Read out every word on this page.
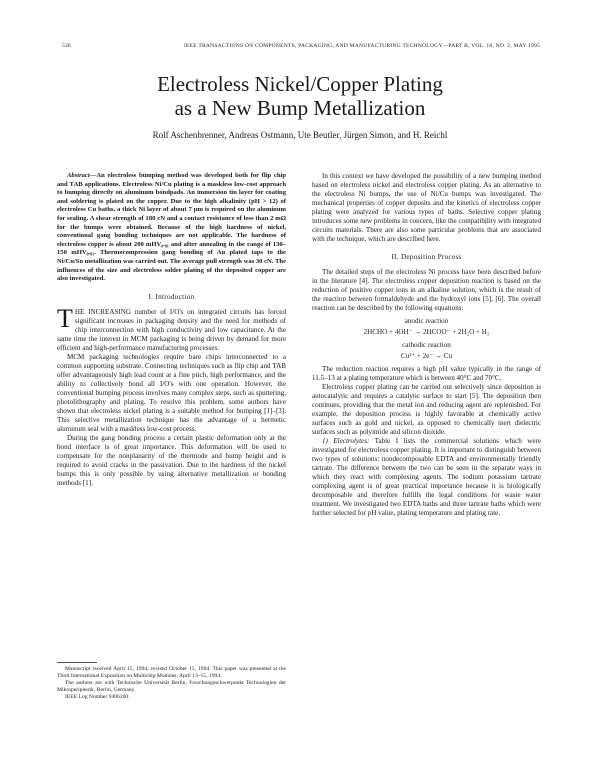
536	IEEE TRANSACTIONS ON COMPONENTS, PACKAGING, AND MANUFACTURING TECHNOLOGY—PART B, VOL. 18, NO. 2, MAY 1995
Electroless Nickel/Copper Plating
as a New Bump Metallization
Rolf Aschenbrenner, Andreas Ostmann, Ute Beutler, Jürgen Simon, and H. Reichl

Abstract—An electroless bumping method was developed both for flip chip and TAB applications. Electroless Ni/Cu plating is a maskless low-cost approach to bumping directly on aluminum bondpads. An immersion tin layer for coating and soldering is plated on the copper. Due to the high alkalinity (pH > 12) of electroless Cu baths, a thick Ni layer of about 7 µm is required on the aluminum for sealing. A shear strength of 180 cN and a contact resistance of less than 2 mΩ for the bumps were obtained. Because of the high hardness of nickel, conventional gang bonding techniques are not applicable. The hardness of electroless copper is about 200 mHV₀.₀₁ and after annealing in the range of 130–150 mHV₀.₀₁. Thermocompression gang bonding of Au plated taps to the Ni/Cu/Sn metallization was carried out. The average pull strength was 30 cN. The influences of the size and electroless solder plating of the deposited copper are also investigated.

I. Introduction

THE INCREASING number of I/O's on integrated circuits has forced significant increases in packaging density and the need for methods of chip interconnection with high conductivity and low capacitance. At the same time the interest in MCM packaging is being driven by demand for more efficient and high-performance manufacturing processes.

MCM packaging technologies require bare chips interconnected to a common supporting substrate. Connecting techniques such as flip chip and TAB offer advantageously high lead count at a fine pitch, high performance, and the ability to collectively bond all I/O's with one operation. However, the conventional bumping process involves many complex steps, such as sputtering, photolithography and plating. To resolve this problem, some authors have shown that electroless nickel plating is a suitable method for bumping [1]–[3]. This selective metallization technique has the advantage of a hermetic aluminum seal with a maskless low-cost process.

During the gang bonding process a certain plastic deformation only at the bond interface is of great importance. This deformation will be used to compensate for the nonplanarity of the thermode and bump height and is required to avoid cracks in the passivation. Due to the hardness of the nickel bumps this is only possible by using alternative metallization or bonding methods [1].

Manuscript received April 15, 1994; revised October 15, 1994. This paper was presented at the Third International Exposition on Multichip Modules, April 13–15, 1994.

The authors are with Technische Universität Berlin, Forschungsschwerpunkt Technologien der Mikroperipherik, Berlin, Germany.

IEEE Log Number 9406200.

In this context we have developed the possibility of a new bumping method based on electroless nickel and electroless copper plating. As an alternative to the electroless Ni bumps, the use of Ni/Cu bumps was investigated. The mechanical properties of copper deposits and the kinetics of electroless copper plating were analyzed for various types of baths. Selective copper plating introduces some new problems in concern, like the compatibility with integrated circuits materials. There are also some particular problems that are associated with the technique, which are described here.

II. Deposition Process

The detailed steps of the electroless Ni process have been described before in the literature [4]. The electroless copper deposition reaction is based on the reduction of positive copper ions in an alkaline solution, which is the result of the reaction between formaldehyde and the hydroxyl ions [5], [6]. The overall reaction can be described by the following equations:

anodic reaction
2HCHO + 4OH⁻ → 2HCOO⁻ + 2H₂O + H₂
cathodic reaction
Cu²⁺ + 2e⁻ → Cu

The reduction reaction requires a high pH value typically in the range of 11.5–13 at a plating temperature which is between 40°C and 70°C.

Electroless copper plating can be carried out selectively since deposition is autocatalytic and requires a catalytic surface to start [5]. The deposition then continues, providing that the metal ion and reducing agent are replenished. For example, the deposition process is highly favorable at chemically active surfaces such as gold and nickel, as opposed to chemically inert dielectric surfaces such as polyimide and silicon dioxide.

1) Electrolytes: Table I lists the commercial solutions which were investigated for electroless copper plating. It is important to distinguish between two types of solutions: nondecomposable EDTA and environmentally friendly tartrate. The difference between the two can be seen in the separate ways in which they react with complexing agents. The sodium potassium tartrate complexing agent is of great practical importance because it is biologically decomposable and therefore fulfills the legal conditions for waste water treatment. We investigated two EDTA baths and three tartrate baths which were further selected for pH value, plating temperature and plating rate.
